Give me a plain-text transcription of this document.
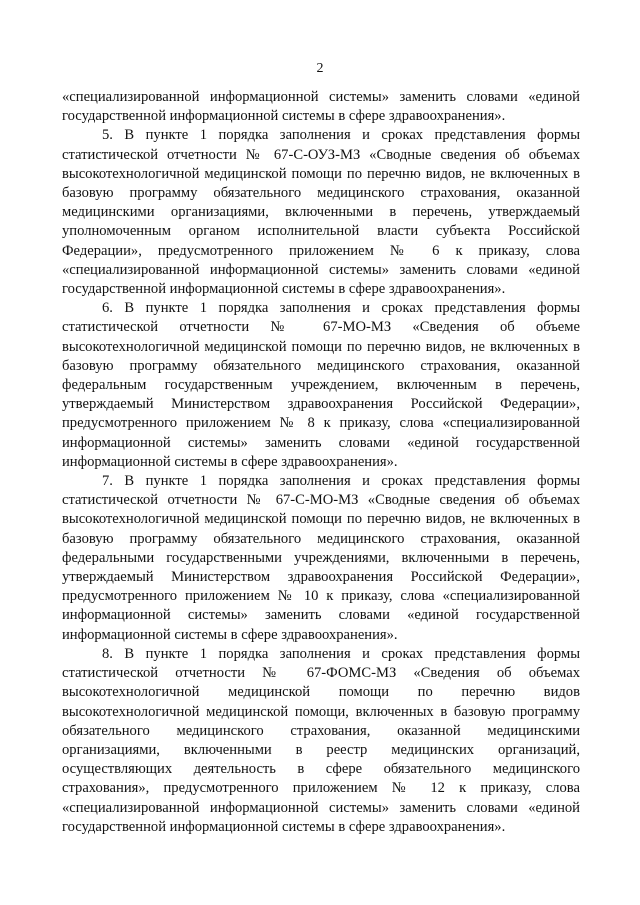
2

«специализированной информационной системы» заменить словами «единой государственной информационной системы в сфере здравоохранения».

5. В пункте 1 порядка заполнения и сроках представления формы статистической отчетности № 67-С-ОУЗ-МЗ «Сводные сведения об объемах высокотехнологичной медицинской помощи по перечню видов, не включенных в базовую программу обязательного медицинского страхования, оказанной медицинскими организациями, включенными в перечень, утверждаемый уполномоченным органом исполнительной власти субъекта Российской Федерации», предусмотренного приложением № 6 к приказу, слова «специализированной информационной системы» заменить словами «единой государственной информационной системы в сфере здравоохранения».

6. В пункте 1 порядка заполнения и сроках представления формы статистической отчетности № 67-МО-МЗ «Сведения об объеме высокотехнологичной медицинской помощи по перечню видов, не включенных в базовую программу обязательного медицинского страхования, оказанной федеральным государственным учреждением, включенным в перечень, утверждаемый Министерством здравоохранения Российской Федерации», предусмотренного приложением № 8 к приказу, слова «специализированной информационной системы» заменить словами «единой государственной информационной системы в сфере здравоохранения».

7. В пункте 1 порядка заполнения и сроках представления формы статистической отчетности № 67-С-МО-МЗ «Сводные сведения об объемах высокотехнологичной медицинской помощи по перечню видов, не включенных в базовую программу обязательного медицинского страхования, оказанной федеральными государственными учреждениями, включенными в перечень, утверждаемый Министерством здравоохранения Российской Федерации», предусмотренного приложением № 10 к приказу, слова «специализированной информационной системы» заменить словами «единой государственной информационной системы в сфере здравоохранения».

8. В пункте 1 порядка заполнения и сроках представления формы статистической отчетности № 67-ФОМС-МЗ «Сведения об объемах высокотехнологичной медицинской помощи по перечню видов высокотехнологичной медицинской помощи, включенных в базовую программу обязательного медицинского страхования, оказанной медицинскими организациями, включенными в реестр медицинских организаций, осуществляющих деятельность в сфере обязательного медицинского страхования», предусмотренного приложением № 12 к приказу, слова «специализированной информационной системы» заменить словами «единой государственной информационной системы в сфере здравоохранения».
